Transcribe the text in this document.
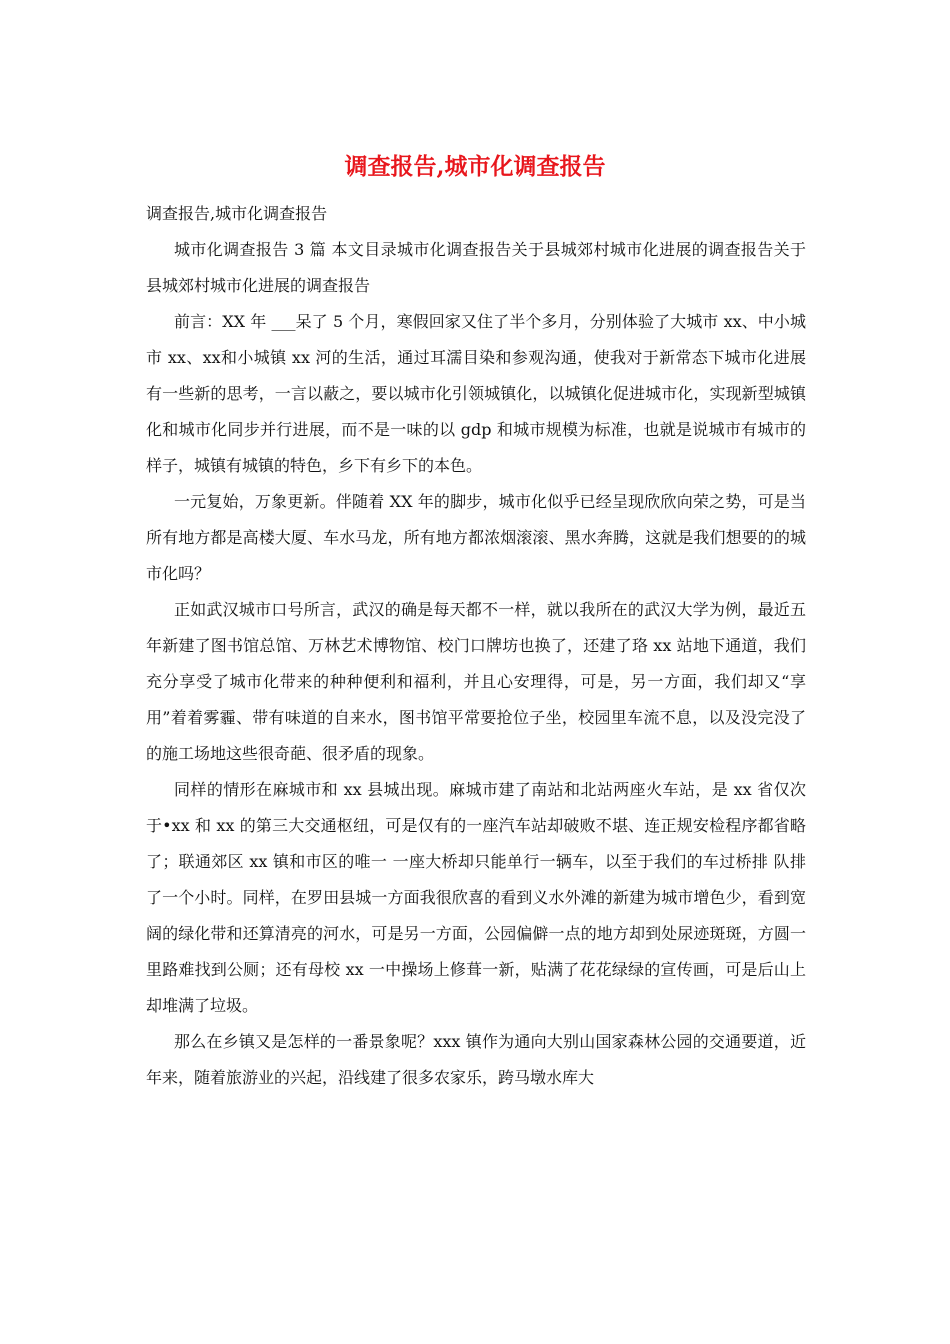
调查报告,城市化调查报告

调查报告,城市化调查报告

城市化调查报告 3 篇 本文目录城市化调查报告关于县城郊村城市化进展的调查报告关于县城郊村城市化进展的调查报告

前言：XX 年 ___呆了 5 个月，寒假回家又住了半个多月，分别体验了大城市 xx、中小城市 xx、xx和小城镇 xx 河的生活，通过耳濡目染和参观沟通，使我对于新常态下城市化进展有一些新的思考，一言以蔽之，要以城市化引领城镇化，以城镇化促进城市化，实现新型城镇化和城市化同步并行进展，而不是一味的以 gdp 和城市规模为标准，也就是说城市有城市的样子，城镇有城镇的特色，乡下有乡下的本色。

一元复始，万象更新。伴随着 XX 年的脚步，城市化似乎已经呈现欣欣向荣之势，可是当所有地方都是高楼大厦、车水马龙，所有地方都浓烟滚滚、黑水奔腾，这就是我们想要的的城市化吗？

正如武汉城市口号所言，武汉的确是每天都不一样，就以我所在的武汉大学为例，最近五年新建了图书馆总馆、万林艺术博物馆、校门口牌坊也换了，还建了珞 xx 站地下通道，我们充分享受了城市化带来的种种便利和福利，并且心安理得，可是，另一方面，我们却又“享用”着着雾霾、带有味道的自来水，图书馆平常要抢位子坐，校园里车流不息，以及没完没了的施工场地这些很奇葩、很矛盾的现象。

同样的情形在麻城市和 xx 县城出现。麻城市建了南站和北站两座火车站，是 xx 省仅次于•xx 和 xx 的第三大交通枢纽，可是仅有的一座汽车站却破败不堪、连正规安检程序都省略了；联通郊区 xx 镇和市区的唯一 一座大桥却只能单行一辆车，以至于我们的车过桥排 队排了一个小时。同样，在罗田县城一方面我很欣喜的看到义水外滩的新建为城市增色少，看到宽阔的绿化带和还算清亮的河水，可是另一方面，公园偏僻一点的地方却到处尿迹斑斑，方圆一里路难找到公厕；还有母校 xx 一中操场上修葺一新，贴满了花花绿绿的宣传画，可是后山上却堆满了垃圾。

那么在乡镇又是怎样的一番景象呢？xxx 镇作为通向大别山国家森林公园的交通要道，近年来，随着旅游业的兴起，沿线建了很多农家乐，跨马墩水库大
